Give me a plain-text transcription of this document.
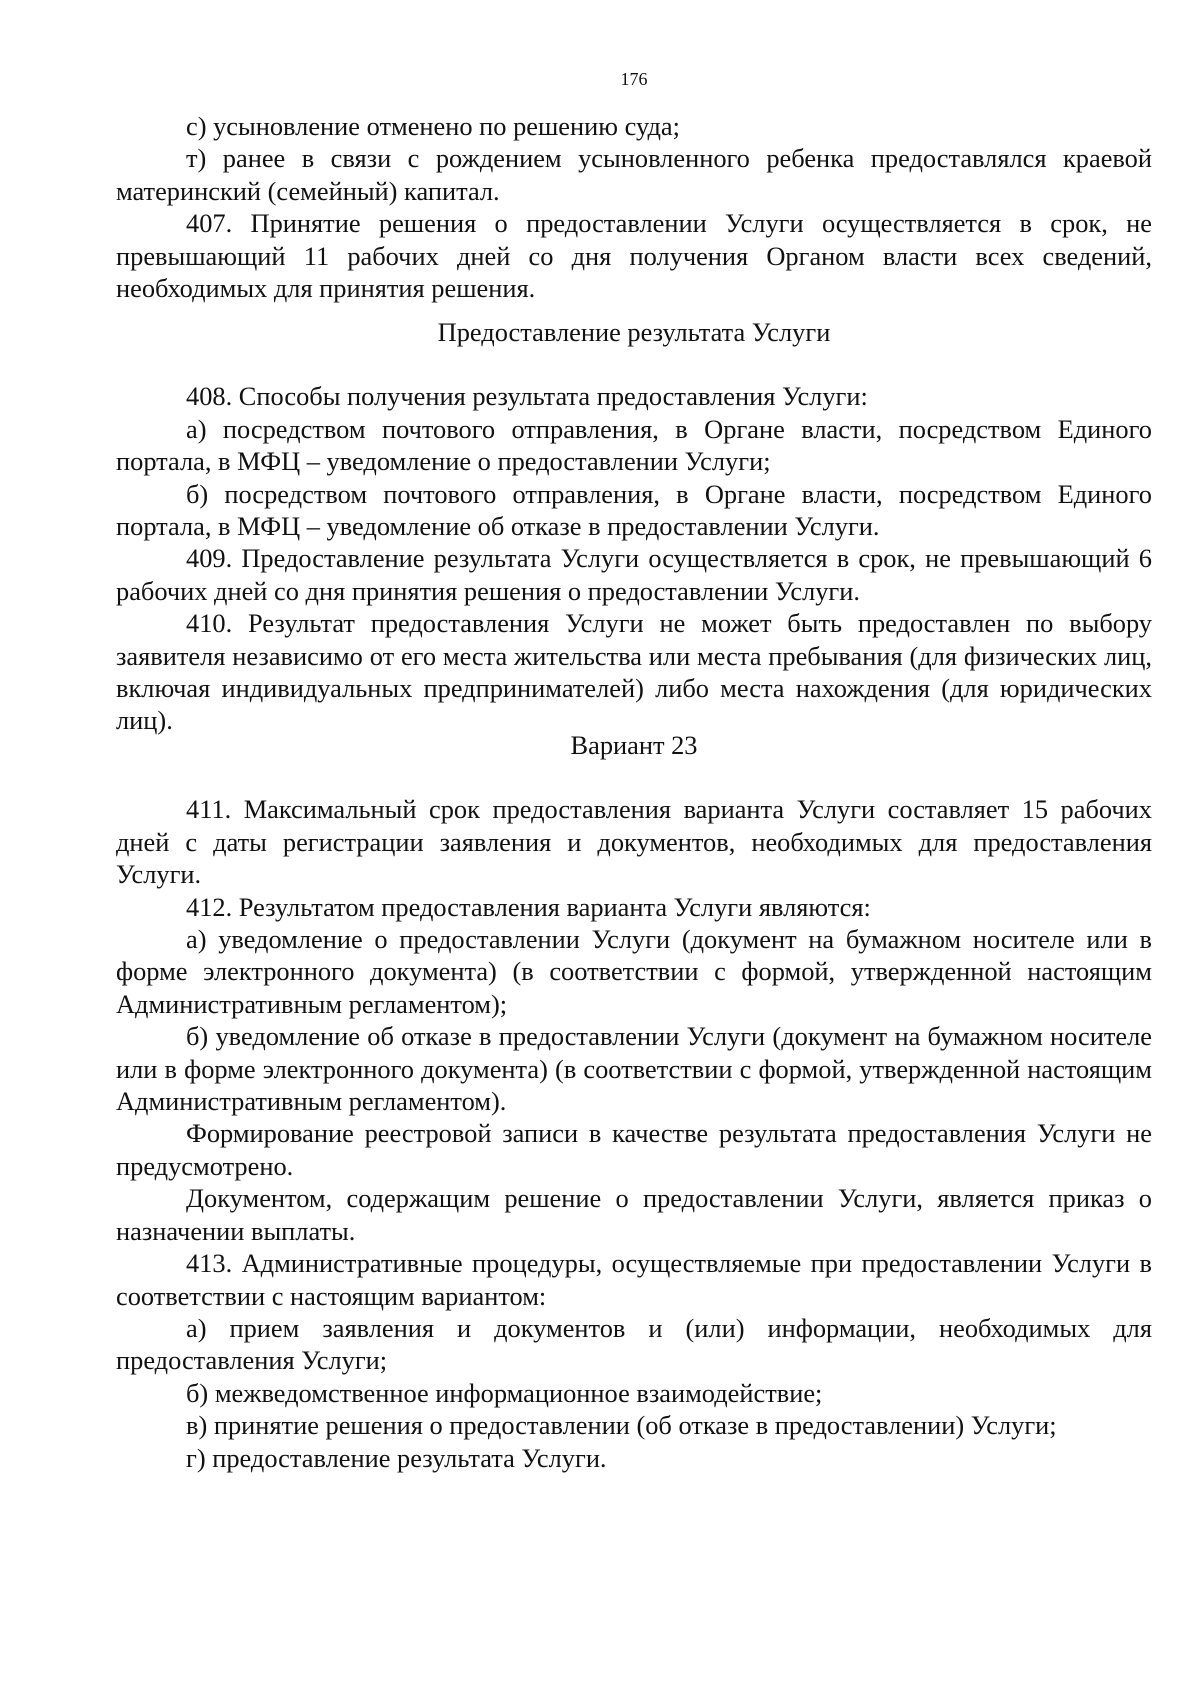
176

с) усыновление отменено по решению суда;

т) ранее в связи с рождением усыновленного ребенка предоставлялся краевой материнский (семейный) капитал.

407. Принятие решения о предоставлении Услуги осуществляется в срок, не превышающий 11 рабочих дней со дня получения Органом власти всех сведений, необходимых для принятия решения.

Предоставление результата Услуги

408. Способы получения результата предоставления Услуги:

а) посредством почтового отправления, в Органе власти, посредством Единого портала, в МФЦ – уведомление о предоставлении Услуги;

б) посредством почтового отправления, в Органе власти, посредством Единого портала, в МФЦ – уведомление об отказе в предоставлении Услуги.

409. Предоставление результата Услуги осуществляется в срок, не превышающий 6 рабочих дней со дня принятия решения о предоставлении Услуги.

410. Результат предоставления Услуги не может быть предоставлен по выбору заявителя независимо от его места жительства или места пребывания (для физических лиц, включая индивидуальных предпринимателей) либо места нахождения (для юридических лиц).

Вариант 23

411. Максимальный срок предоставления варианта Услуги составляет 15 рабочих дней с даты регистрации заявления и документов, необходимых для предоставления Услуги.

412. Результатом предоставления варианта Услуги являются:

а) уведомление о предоставлении Услуги (документ на бумажном носителе или в форме электронного документа) (в соответствии с формой, утвержденной настоящим Административным регламентом);

б) уведомление об отказе в предоставлении Услуги (документ на бумажном носителе или в форме электронного документа) (в соответствии с формой, утвержденной настоящим Административным регламентом).

Формирование реестровой записи в качестве результата предоставления Услуги не предусмотрено.

Документом, содержащим решение о предоставлении Услуги, является приказ о назначении выплаты.

413. Административные процедуры, осуществляемые при предоставлении Услуги в соответствии с настоящим вариантом:

а) прием заявления и документов и (или) информации, необходимых для предоставления Услуги;

б) межведомственное информационное взаимодействие;

в) принятие решения о предоставлении (об отказе в предоставлении) Услуги;

г) предоставление результата Услуги.
